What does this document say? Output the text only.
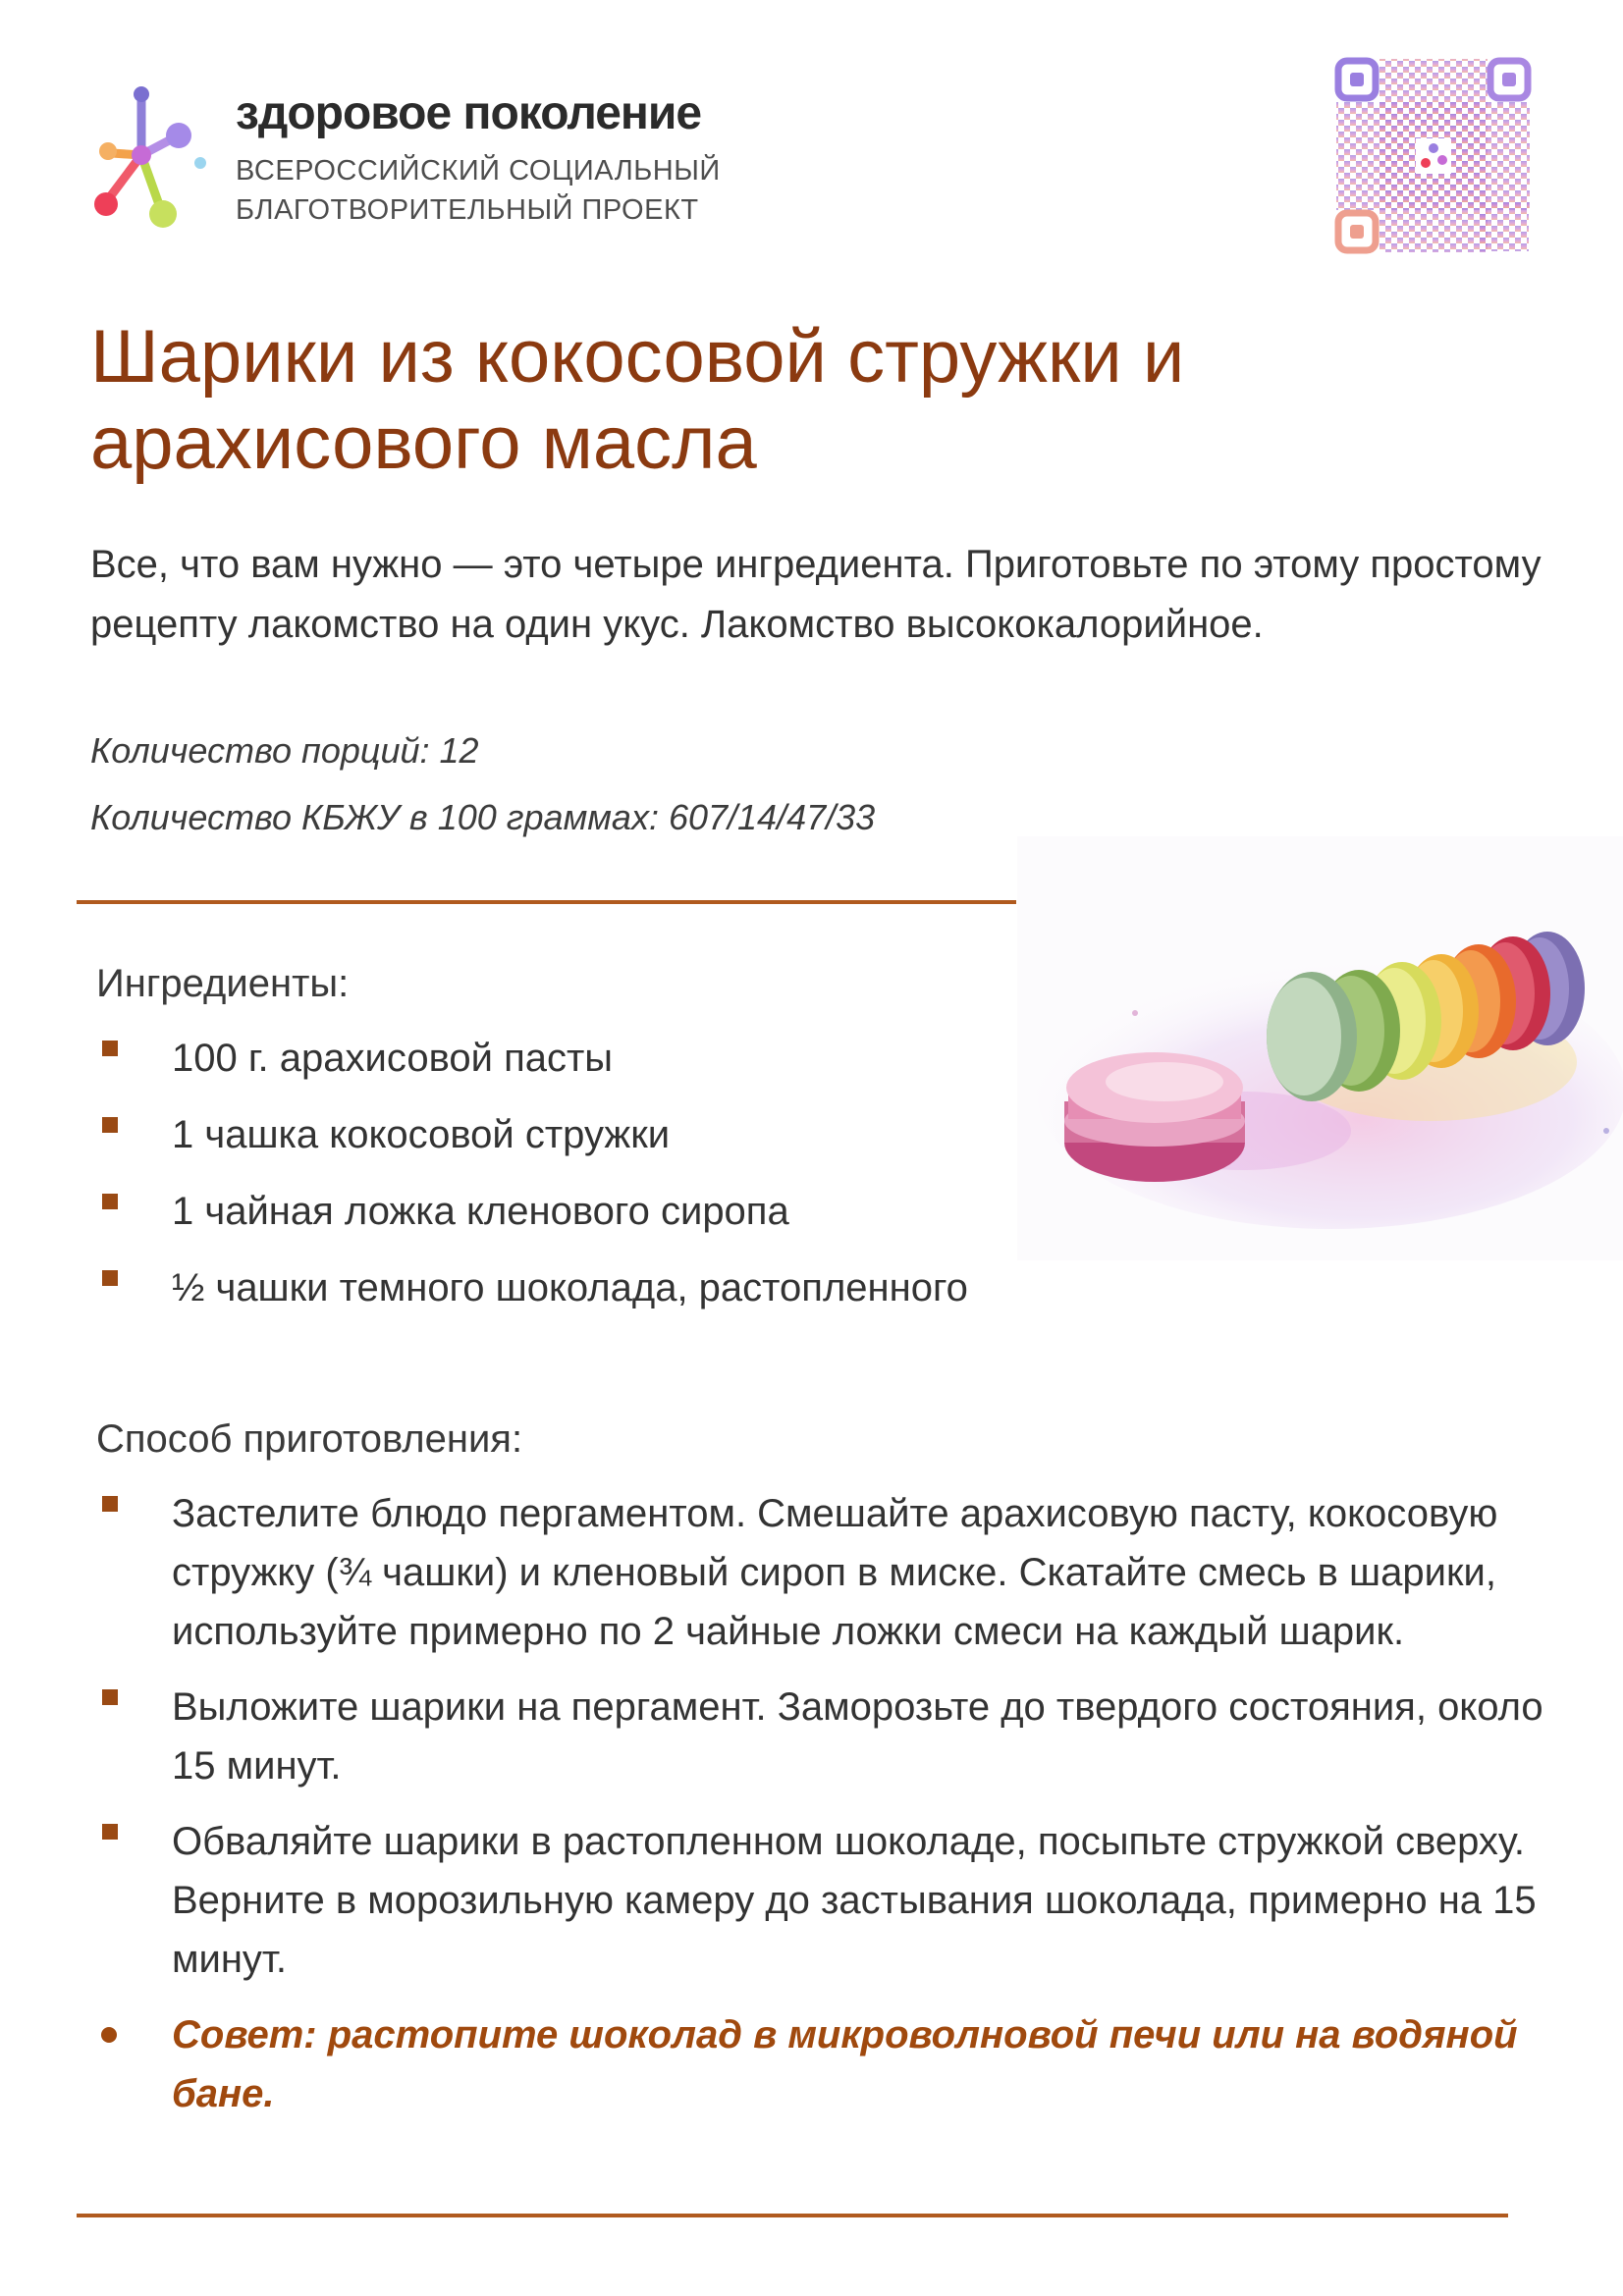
здоровое поколение
ВСЕРОССИЙСКИЙ СОЦИАЛЬНЫЙ
БЛАГОТВОРИТЕЛЬНЫЙ ПРОЕКТ
Шарики из кокосовой стружки и арахисового масла
Все, что вам нужно — это четыре ингредиента. Приготовьте по этому простому рецепту лакомство на один укус. Лакомство высококалорийное.
Количество порций: 12
Количество КБЖУ в 100 граммах: 607/14/47/33
Ингредиенты:
100 г. арахисовой пасты
1 чашка кокосовой стружки
1 чайная ложка кленового сиропа
½ чашки темного шоколада, растопленного
Способ приготовления:
Застелите блюдо пергаментом. Смешайте арахисовую пасту, кокосовую стружку (¾ чашки) и кленовый сироп в миске. Скатайте смесь в шарики, используйте примерно по 2 чайные ложки смеси на каждый шарик.
Выложите шарики на пергамент. Заморозьте до твердого состояния, около 15 минут.
Обваляйте шарики в растопленном шоколаде, посыпьте стружкой сверху. Верните в морозильную камеру до застывания шоколада, примерно на 15 минут.
Совет: растопите шоколад в микроволновой печи или на водяной бане.
